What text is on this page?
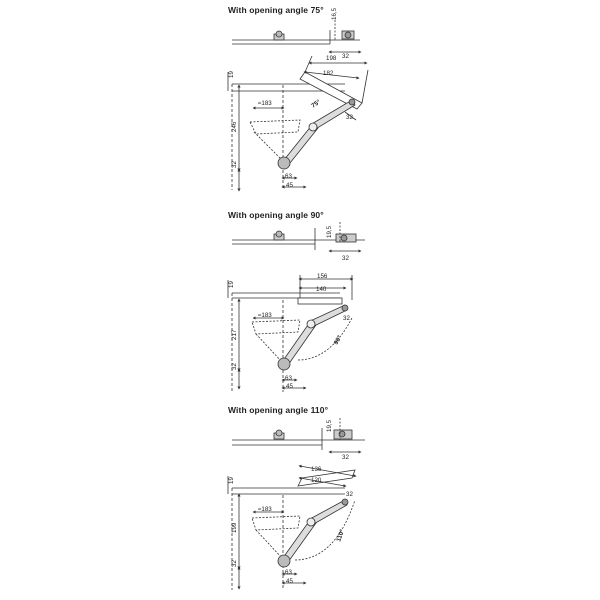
With opening angle 75°
With opening angle 90°
With opening angle 110°
16,5
32
19
198
182
≈183	75°
32
246
32
63
45
19,5
32
19
156
140
≈183	32
90°
217
32
63
45
19,5
32
19
136
120
≈183
32
110°
199
32
63
45
